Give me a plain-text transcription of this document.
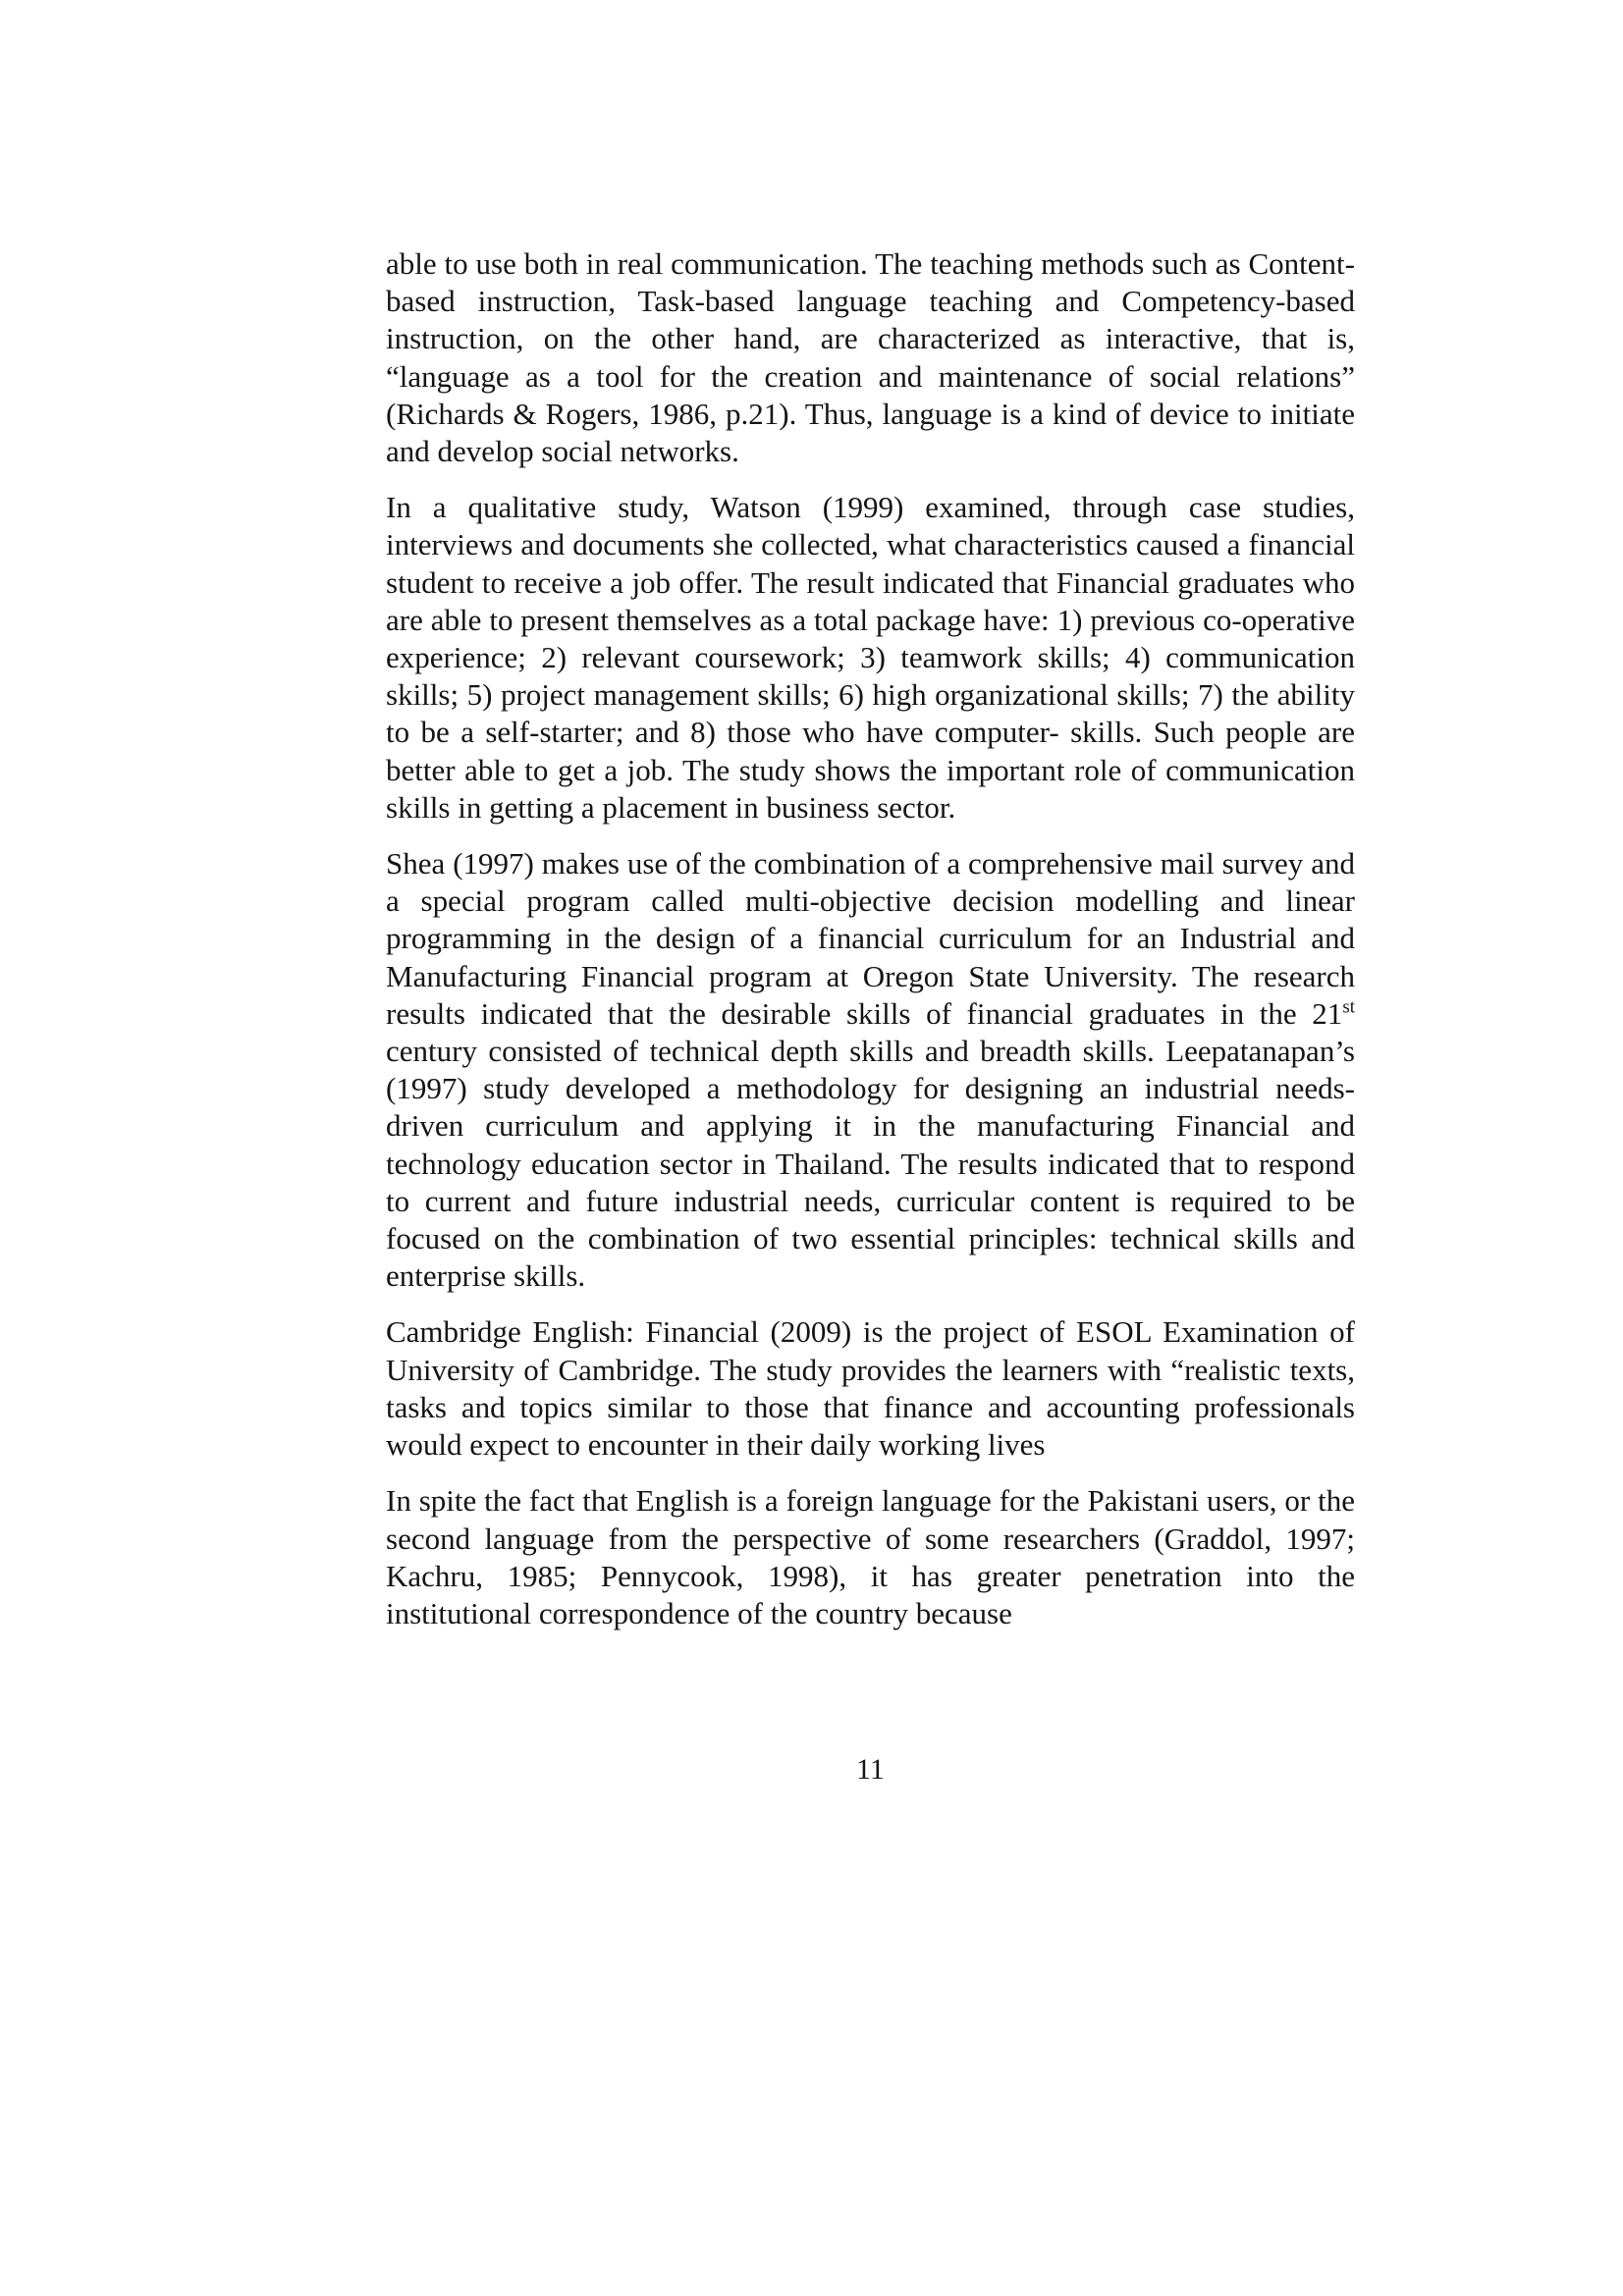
able to use both in real communication. The teaching methods such as Content-based instruction, Task-based language teaching and Competency-based instruction, on the other hand, are characterized as interactive, that is, “language as a tool for the creation and maintenance of social relations” (Richards & Rogers, 1986, p.21). Thus, language is a kind of device to initiate and develop social networks.

In a qualitative study, Watson (1999) examined, through case studies, interviews and documents she collected, what characteristics caused a financial student to receive a job offer. The result indicated that Financial graduates who are able to present themselves as a total package have: 1) previous co-operative experience; 2) relevant coursework; 3) teamwork skills; 4) communication skills; 5) project management skills; 6) high organizational skills; 7) the ability to be a self-starter; and 8) those who have computer- skills. Such people are better able to get a job. The study shows the important role of communication skills in getting a placement in business sector.

Shea (1997) makes use of the combination of a comprehensive mail survey and a special program called multi-objective decision modelling and linear programming in the design of a financial curriculum for an Industrial and Manufacturing Financial program at Oregon State University. The research results indicated that the desirable skills of financial graduates in the 21st century consisted of technical depth skills and breadth skills. Leepatanapan’s (1997) study developed a methodology for designing an industrial needs-driven curriculum and applying it in the manufacturing Financial and technology education sector in Thailand. The results indicated that to respond to current and future industrial needs, curricular content is required to be focused on the combination of two essential principles: technical skills and enterprise skills.

Cambridge English: Financial (2009) is the project of ESOL Examination of University of Cambridge. The study provides the learners with “realistic texts, tasks and topics similar to those that finance and accounting professionals would expect to encounter in their daily working lives

In spite the fact that English is a foreign language for the Pakistani users, or the second language from the perspective of some researchers (Graddol, 1997; Kachru, 1985; Pennycook, 1998), it has greater penetration into the institutional correspondence of the country because

11
